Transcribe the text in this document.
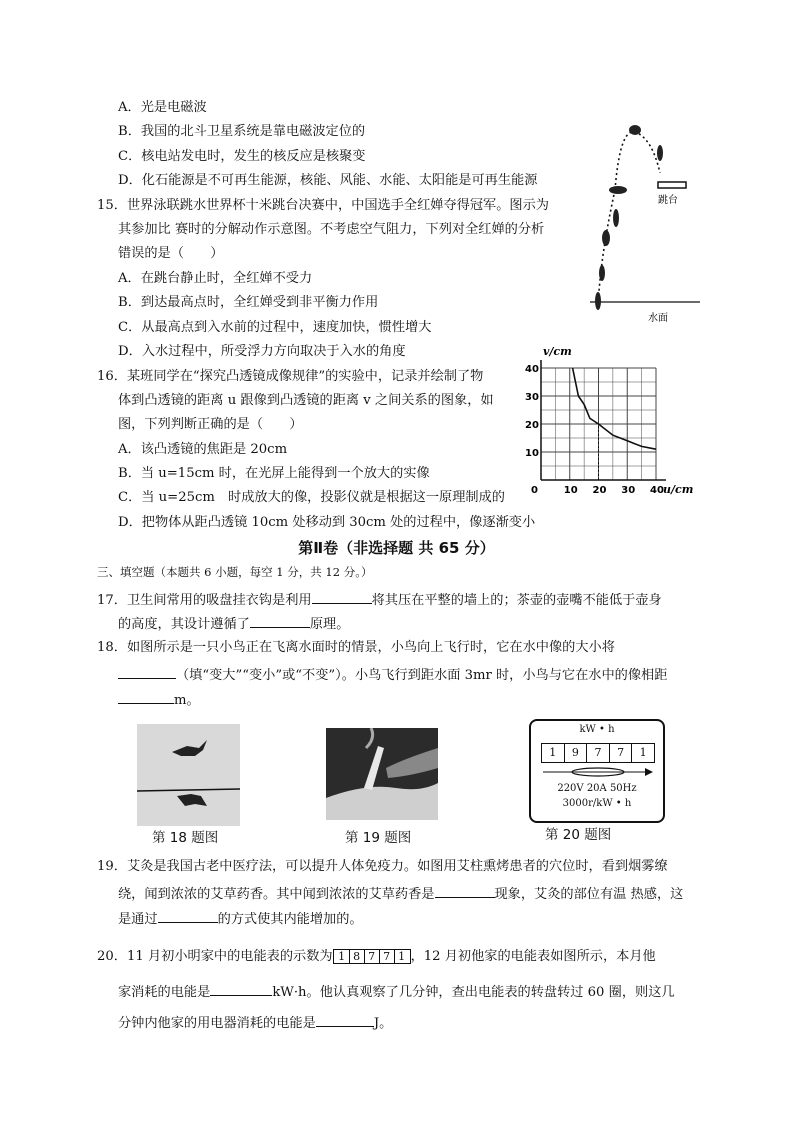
A．光是电磁波
B．我国的北斗卫星系统是靠电磁波定位的
C．核电站发电时，发生的核反应是核聚变
D．化石能源是不可再生能源，核能、风能、水能、太阳能是可再生能源
15．世界泳联跳水世界杯十米跳台决赛中，中国选手全红婵夺得冠军。图示为
其参加比 赛时的分解动作示意图。不考虑空气阻力，下列对全红婵的分析
错误的是（　　）
A．在跳台静止时，全红婵不受力
B．到达最高点时，全红婵受到非平衡力作用
C．从最高点到入水前的过程中，速度加快，惯性增大
D．入水过程中，所受浮力方向取决于入水的角度
跳台
水面
16．某班同学在“探究凸透镜成像规律”的实验中，记录并绘制了物
体到凸透镜的距离 u 跟像到凸透镜的距离 v 之间关系的图象，如
图，下列判断正确的是（　　）
A．该凸透镜的焦距是 20cm
B．当 u=15cm 时，在光屏上能得到一个放大的实像
C．当 u=25cm　时成放大的像，投影仪就是根据这一原理制成的
D．把物体从距凸透镜 10cm 处移动到 30cm 处的过程中，像逐渐变小
0	10 20 30 40
10
20
30
40
v/cm
u/cm
第Ⅱ卷（非选择题 共 65 分）
三、填空题（本题共 6 小题，每空 1 分，共 12 分。）
17．卫生间常用的吸盘挂衣钩是利用	将其压在平整的墙上的；茶壶的壶嘴不能低于壶身
的高度，其设计遵循了	原理。
18．如图所示是一只小鸟正在飞离水面时的情景，小鸟向上飞行时，它在水中像的大小将
（填“变大”“变小”或“不变”）。小鸟飞行到距水面 3mr 时，小鸟与它在水中的像相距
m。
kW • h
1	9	7	7	1
220V 20A 50Hz
3000r/kW • h
第 18 题图	第 19 题图	第 20 题图
19．艾灸是我国古老中医疗法，可以提升人体免疫力。如图用艾柱熏烤患者的穴位时，看到烟雾缭
绕，闻到浓浓的艾草药香。其中闻到浓浓的艾草药香是	现象，艾灸的部位有温 热感，这
是通过	的方式使其内能增加的。
20．11 月初小明家中的电能表的示数为 1 8 7 7 1 ，12 月初他家的电能表如图所示，本月他
家消耗的电能是	kW·h。他认真观察了几分钟，查出电能表的转盘转过 60 圈，则这几
分钟内他家的用电器消耗的电能是	J。
